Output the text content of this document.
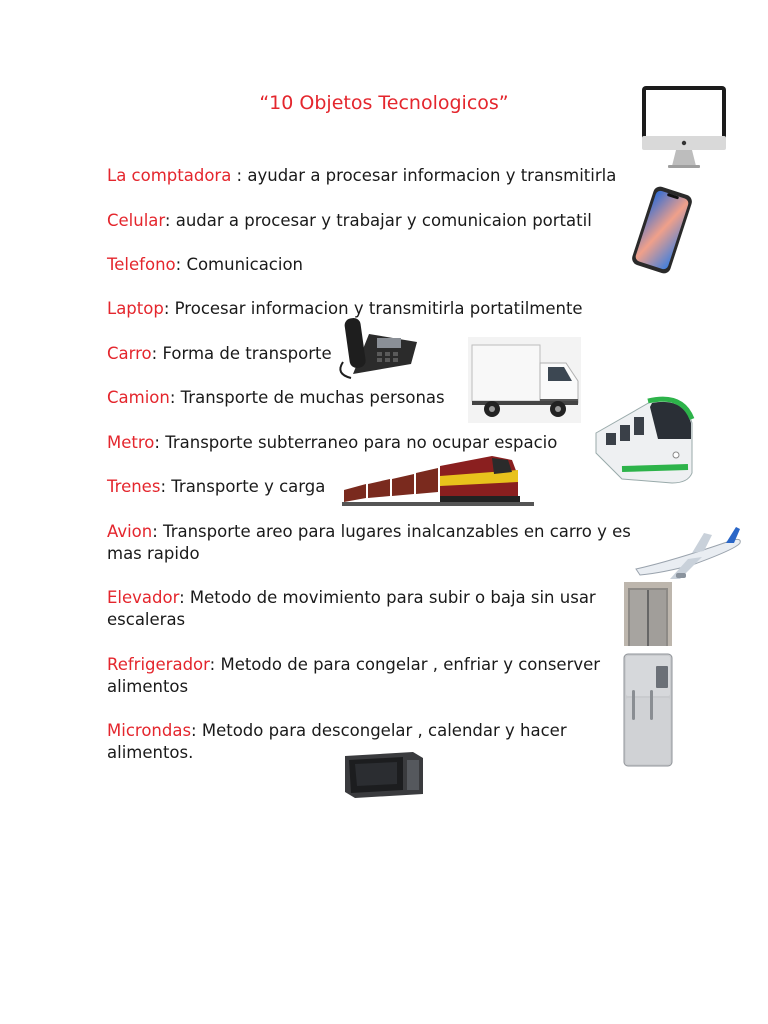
“10 Objetos Tecnologicos”
La comptadora : ayudar a procesar informacion y transmitirla
Celular: audar a procesar y trabajar y comunicaion portatil
Telefono: Comunicacion
Laptop: Procesar informacion y transmitirla portatilmente
Carro: Forma de transporte
Camion: Transporte de muchas personas
Metro: Transporte subterraneo para no ocupar espacio
Trenes: Transporte y carga
Avion: Transporte areo para lugares inalcanzables en carro y es
mas rapido
Elevador: Metodo de movimiento para subir o baja sin usar
escaleras
Refrigerador: Metodo de para congelar , enfriar y conserver
alimentos
Microndas: Metodo para descongelar , calendar y hacer
alimentos.
